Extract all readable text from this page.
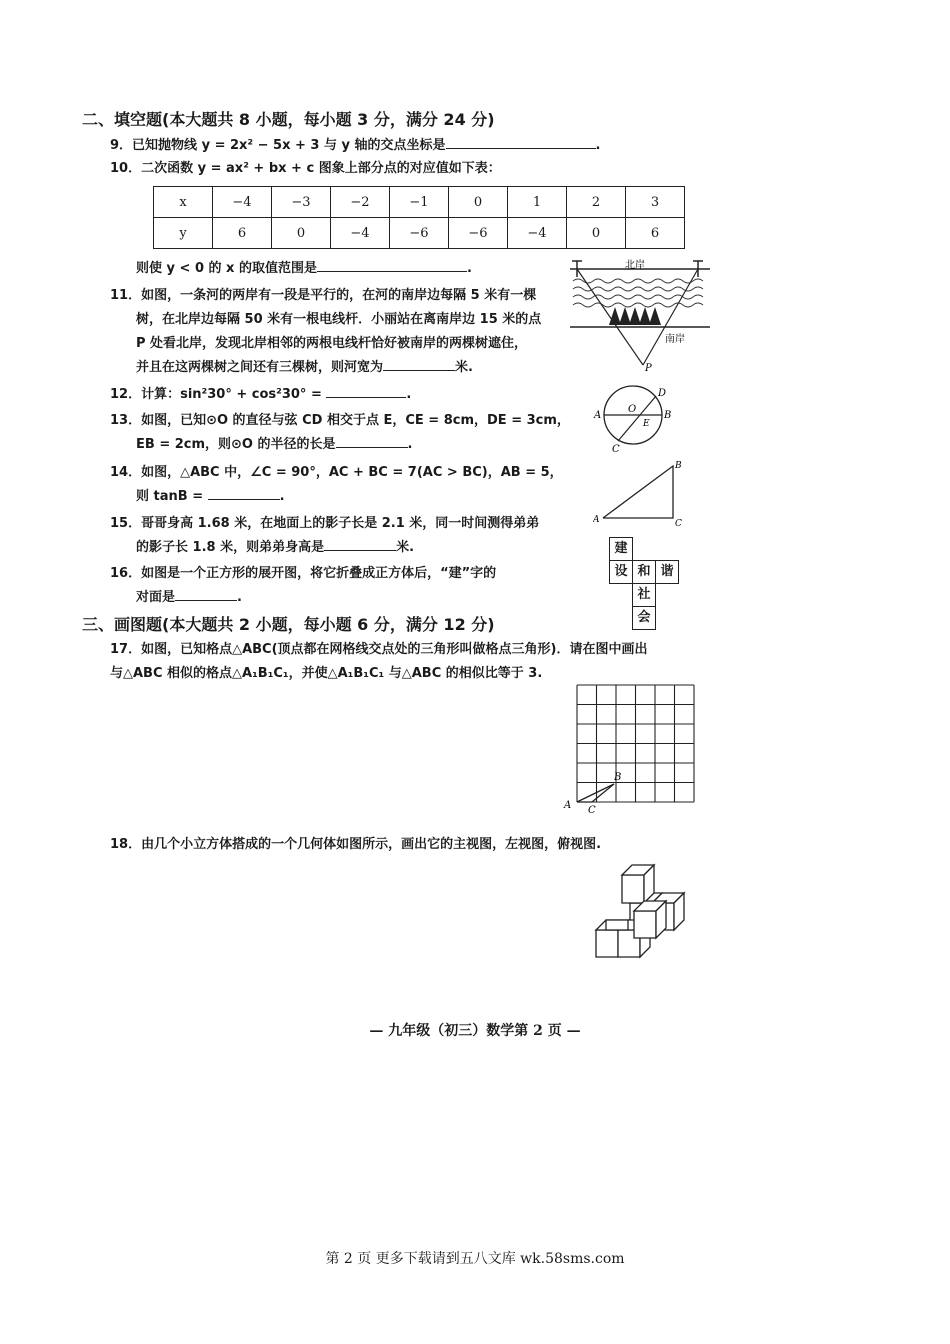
二、填空题(本大题共 8 小题，每小题 3 分，满分 24 分)
9．已知抛物线 y = 2x² − 5x + 3 与 y 轴的交点坐标是	.
10．二次函数 y = ax² + bx + c 图象上部分点的对应值如下表：
x	−4	−3	−2	−1	0	1	2	3
y	6	0	−4	−6	−6	−4	0	6
则使 y < 0 的 x 的取值范围是	.
11．如图，一条河的两岸有一段是平行的，在河的南岸边每隔 5 米有一棵
树，在北岸边每隔 50 米有一根电线杆．小丽站在离南岸边 15 米的点
P 处看北岸，发现北岸相邻的两根电线杆恰好被南岸的两棵树遮住，
并且在这两棵树之间还有三棵树，则河宽为	米.
北岸
南岸
P
12．计算：sin²30° + cos²30° =	.
13．如图，已知⊙O 的直径与弦 CD 相交于点 E，CE = 8cm，DE = 3cm，
EB = 2cm，则⊙O 的半径的长是	.
A	B
C
D
O
E
14．如图，△ABC 中，∠C = 90°，AC + BC = 7(AC > BC)，AB = 5，
则 tanB =	.
A
B
C
15．哥哥身高 1.68 米，在地面上的影子长是 2.1 米，同一时间测得弟弟
的影子长 1.8 米，则弟弟身高是	米.
16．如图是一个正方形的展开图，将它折叠成正方体后，“建”字的
对面是	.
建
设 和 谐
社
会
三、画图题(本大题共 2 小题，每小题 6 分，满分 12 分)
17．如图，已知格点△ABC(顶点都在网格线交点处的三角形叫做格点三角形)．请在图中画出
与△ABC 相似的格点△A₁B₁C₁，并使△A₁B₁C₁ 与△ABC 的相似比等于 3.
A
B
C
18．由几个小立方体搭成的一个几何体如图所示，画出它的主视图，左视图，俯视图.
— 九年级（初三）数学第 2 页 —
第 2 页 更多下载请到五八文库 wk.58sms.com
